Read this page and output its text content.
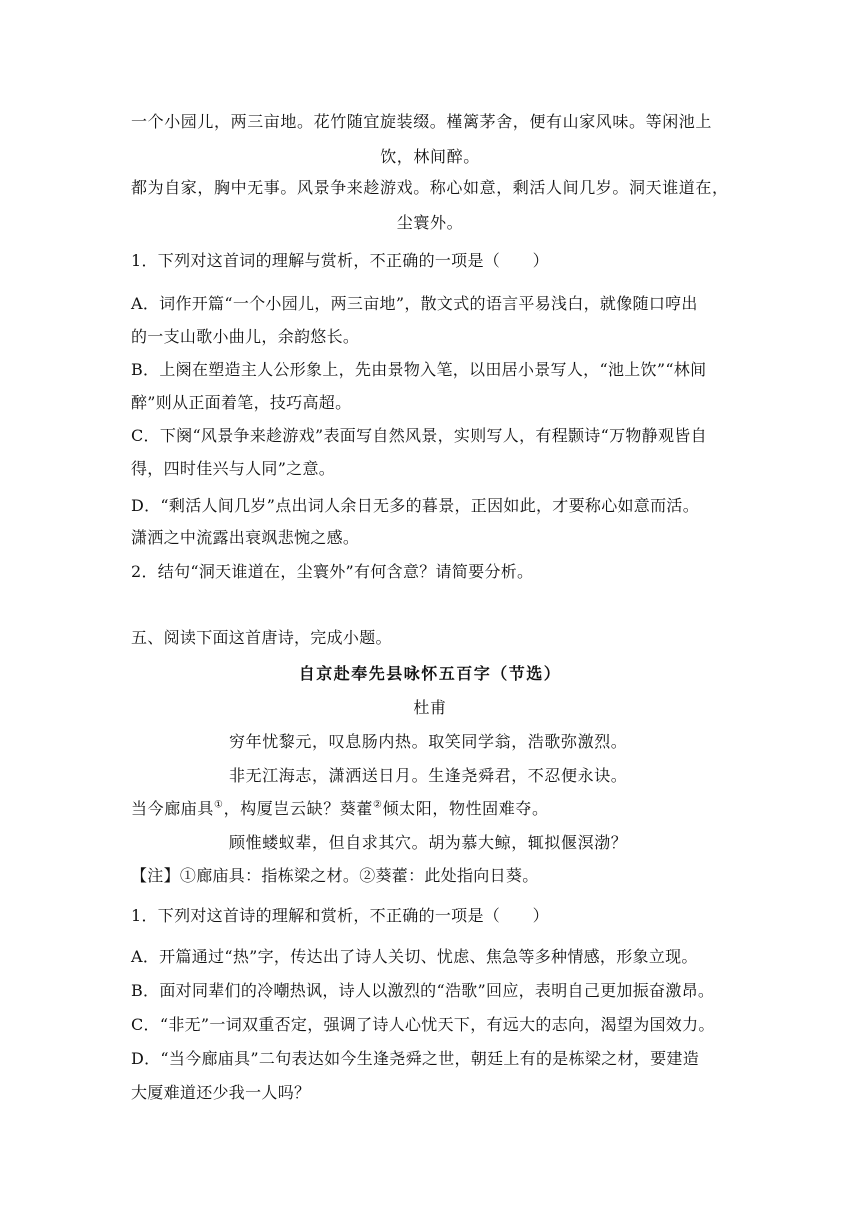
一个小园儿，两三亩地。花竹随宜旋装缀。槿篱茅舍，便有山家风味。等闲池上
饮，林间醉。
都为自家，胸中无事。风景争来趁游戏。称心如意，剩活人间几岁。洞天谁道在，
尘寰外。
1．下列对这首词的理解与赏析，不正确的一项是（　　）
A．词作开篇“一个小园儿，两三亩地”，散文式的语言平易浅白，就像随口哼出
的一支山歌小曲儿，余韵悠长。
B．上阕在塑造主人公形象上，先由景物入笔，以田居小景写人，“池上饮”“林间
醉”则从正面着笔，技巧高超。
C．下阕“风景争来趁游戏”表面写自然风景，实则写人，有程颢诗“万物静观皆自
得，四时佳兴与人同”之意。
D．“剩活人间几岁”点出词人余日无多的暮景，正因如此，才要称心如意而活。
潇洒之中流露出衰飒悲惋之感。
2．结句“洞天谁道在，尘寰外”有何含意？请简要分析。
五、阅读下面这首唐诗，完成小题。
自京赴奉先县咏怀五百字（节选）
杜甫
穷年忧黎元，叹息肠内热。取笑同学翁，浩歌弥激烈。
非无江海志，潇洒送日月。生逢尧舜君，不忍便永诀。
当今廊庙具①，构厦岂云缺？葵藿②倾太阳，物性固难夺。
顾惟蝼蚁辈，但自求其穴。胡为慕大鲸，辄拟偃溟渤？
【注】①廊庙具：指栋梁之材。②葵藿：此处指向日葵。
1．下列对这首诗的理解和赏析，不正确的一项是（　　）
A．开篇通过“热”字，传达出了诗人关切、忧虑、焦急等多种情感，形象立现。
B．面对同辈们的冷嘲热讽，诗人以激烈的“浩歌”回应，表明自己更加振奋激昂。
C．“非无”一词双重否定，强调了诗人心忧天下，有远大的志向，渴望为国效力。
D．“当今廊庙具”二句表达如今生逢尧舜之世，朝廷上有的是栋梁之材，要建造
大厦难道还少我一人吗？
